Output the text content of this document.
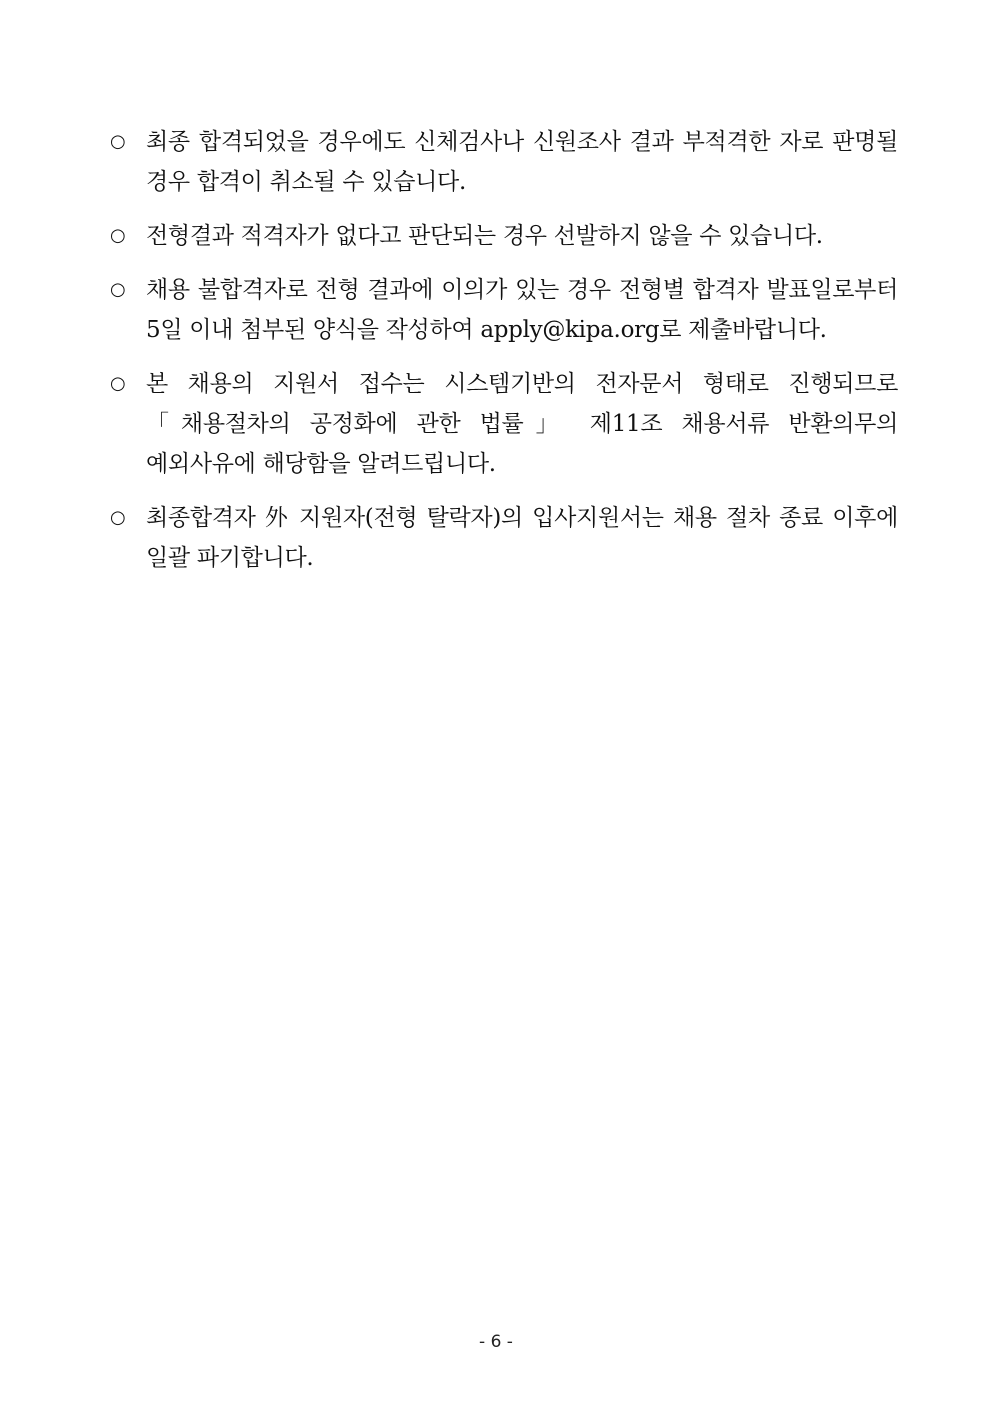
○ 최종 합격되었을 경우에도 신체검사나 신원조사 결과 부적격한 자로 판명될 경우 합격이 취소될 수 있습니다.
○ 전형결과 적격자가 없다고 판단되는 경우 선발하지 않을 수 있습니다.
○ 채용 불합격자로 전형 결과에 이의가 있는 경우 전형별 합격자 발표일로부터 5일 이내 첨부된 양식을 작성하여 apply@kipa.org로 제출바랍니다.
○ 본 채용의 지원서 접수는 시스템기반의 전자문서 형태로 진행되므로 「채용절차의 공정화에 관한 법률」 제11조 채용서류 반환의무의 예외사유에 해당함을 알려드립니다.
○ 최종합격자 外 지원자(전형 탈락자)의 입사지원서는 채용 절차 종료 이후에 일괄 파기합니다.
- 6 -
